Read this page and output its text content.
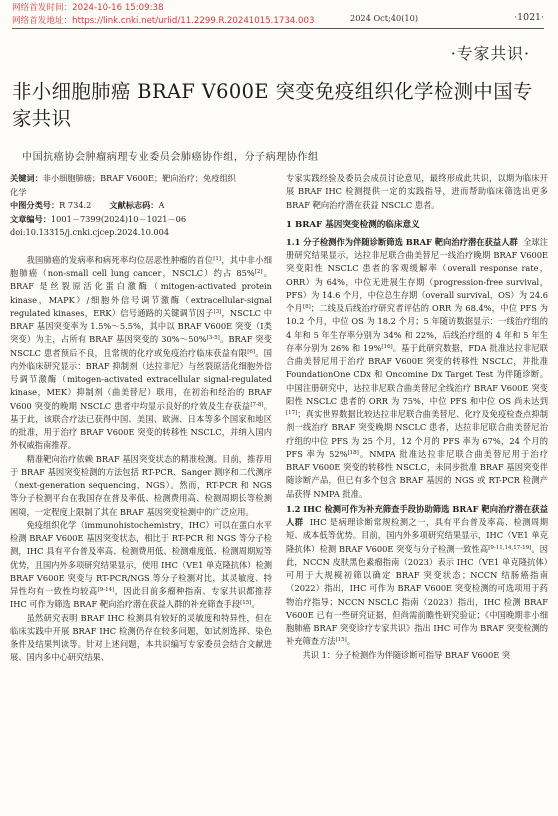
网络首发时间：2024-10-16 15:09:38
网络首发地址：https://link.cnki.net/urlid/11.2299.R.20241015.1734.003	2024 Oct;40(10)	·1021·
·专家共识·
非小细胞肺癌 BRAF V600E 突变免疫组织化学检测中国专家共识
中国抗癌协会肿瘤病理专业委员会肺癌协作组，分子病理协作组
关键词：非小细胞肺癌；BRAF V600E；靶向治疗；免疫组织化学
中图分类号：R 734.2 文献标志码：A
文章编号：1001－7399(2024)10－1021－06
doi:10.13315/j.cnki.cjcep.2024.10.004

我国肺癌的发病率和病死率均位居恶性肿瘤的首位[1]，其中非小细胞肺癌（non-small cell lung cancer，NSCLC）约占 85%[2]。BRAF 是丝裂原活化蛋白激酶（mitogen-activated protein kinase，MAPK）/细胞外信号调节激酶（extracellular-signal regulated kinases，ERK）信号通路的关键调节因子[3]，NSCLC 中 BRAF 基因突变率为 1.5%～5.5%，其中以 BRAF V600E 突变（Ⅰ类突变）为主，占所有 BRAF 基因突变的 30%～50%[3-5]。BRAF 突变 NSCLC 患者预后不良，且常规的化疗或免疫治疗临床获益有限[6]。国内外临床研究显示：BRAF 抑制剂（达拉非尼）与丝裂原活化细胞外信号调节激酶（mitogen-activated extracellular signal-regulated kinase，MEK）抑制剂（曲美替尼）联用，在初治和经治的 BRAF V600 突变的晚期 NSCLC 患者中均显示良好的疗效及生存获益[7-8]。基于此，该联合疗法已获得中国、美国、欧洲、日本等多个国家和地区的批准，用于治疗 BRAF V600E 突变的转移性 NSCLC，并纳入国内外权威指南推荐。

精准靶向治疗依赖 BRAF 基因突变状态的精准检测。目前，推荐用于 BRAF 基因突变检测的方法包括 RT-PCR、Sanger 测序和二代测序（next-generation sequencing，NGS）。然而，RT-PCR 和 NGS 等分子检测平台在我国存在普及率低、检测费用高、检测周期长等检测困境，一定程度上限制了其在 BRAF 基因突变检测中的广泛应用。

免疫组织化学（immunohistochemistry，IHC）可以在蛋白水平检测 BRAF V600E 基因突变状态，相比于 RT-PCR 和 NGS 等分子检测，IHC 具有平台普及率高、检测费用低、检测难度低、检测周期短等优势，且国内外多项研究结果显示，使用 IHC（VE1 单克隆抗体）检测 BRAF V600E 突变与 RT-PCR/NGS 等分子检测对比，其灵敏度、特异性均有一致性均较高[9-14]，因此目前多瘤种指南、专家共识都推荐 IHC 可作为筛选 BRAF 靶向治疗潜在获益人群的补充筛查手段[15]。

虽然研究表明 BRAF IHC 检测具有较好的灵敏度和特异性，但在临床实践中开展 BRAF IHC 检测仍存在较多问题，如试剂选择、染色条件及结果判读等。针对上述问题，本共识编写专家委员会结合文献进展、国内多中心研究结果、

专家实践经验及委员会成员讨论意见，最终形成此共识，以期为临床开展 BRAF IHC 检测提供一定的实践指导，进而帮助临床筛选出更多 BRAF 靶向治疗潜在获益 NSCLC 患者。

1 BRAF 基因突变检测的临床意义

1.1 分子检测作为伴随诊断筛选 BRAF 靶向治疗潜在获益人群 全球注册研究结果显示，达拉非尼联合曲美替尼一线治疗晚期 BRAF V600E 突变阳性 NSCLC 患者的客观缓解率（overall response rate，ORR）为 64%，中位无进展生存期（progression-free survival，PFS）为 14.6 个月，中位总生存期（overall survival，OS）为 24.6 个月[8]；二线及后线治疗研究者评估的 ORR 为 68.4%，中位 PFS 为 10.2 个月，中位 OS 为 18.2 个月；5 年随访数据显示：一线治疗组的 4 年和 5 年生存率分别为 34% 和 22%，后线治疗组的 4 年和 5 年生存率分别为 26% 和 19%[16]。基于此研究数据，FDA 批准达拉非尼联合曲美替尼用于治疗 BRAF V600E 突变的转移性 NSCLC，并批准 FoundationOne CDx 和 Oncomine Dx Target Test 为伴随诊断。中国注册研究中，达拉非尼联合曲美替尼全线治疗 BRAF V600E 突变阳性 NSCLC 患者的 ORR 为 75%，中位 PFS 和中位 OS 尚未达到[17]；真实世界数据比较达拉非尼联合曲美替尼、化疗及免疫检查点抑制剂一线治疗 BRAF 突变晚期 NSCLC 患者，达拉非尼联合曲美替尼治疗组的中位 PFS 为 25 个月，12 个月的 PFS 率为 67%，24 个月的 PFS 率为 52%[18]。NMPA 批准达拉非尼联合曲美替尼用于治疗 BRAF V600E 突变的转移性 NSCLC，未同步批准 BRAF 基因突变伴随诊断产品，但已有多个包含 BRAF 基因的 NGS 或 RT-PCR 检测产品获得 NMPA 批准。

1.2 IHC 检测可作为补充筛查手段协助筛选 BRAF 靶向治疗潜在获益人群 IHC 是病理诊断常规检测之一，具有平台普及率高、检测周期短、成本低等优势。目前，国内外多项研究结果显示，IHC（VE1 单克隆抗体）检测 BRAF V600E 突变与分子检测一致性高[9-11,14,17-19]。因此，NCCN 皮肤黑色素瘤指南（2023）表示 IHC（VE1 单克隆抗体）可用于大规模初筛以确定 BRAF 突变状态；NCCN 结肠癌指南（2022）指出，IHC 可作为 BRAF V600E 突变检测的可选项用于药物治疗指导；NCCN NSCLC 指南（2023）指出，IHC 检测 BRAF V600E 已有一些研究证据，但尚需前瞻性研究验证；《中国晚期非小细胞肺癌 BRAF 突变诊疗专家共识》指出 IHC 可作为 BRAF 突变检测的补充筛查方法[15]。

共识 1：分子检测作为伴随诊断可指导 BRAF V600E 突
